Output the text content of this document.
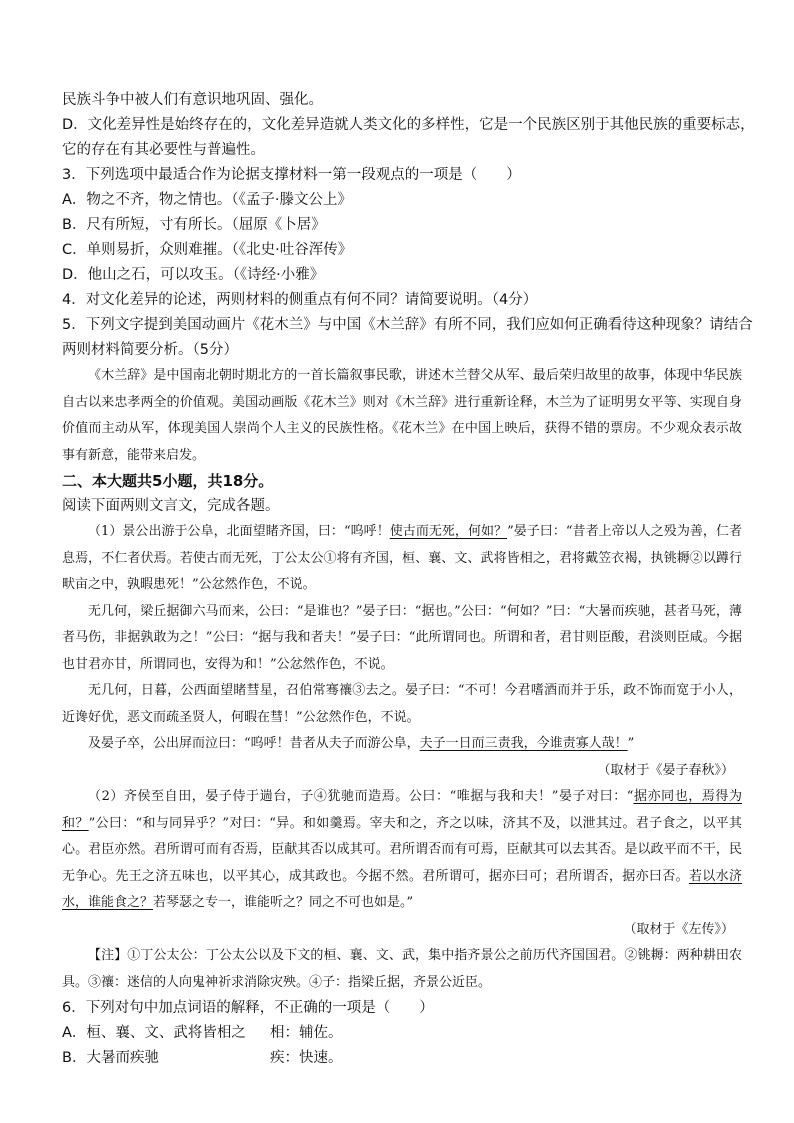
民族斗争中被人们有意识地巩固、强化。
D．文化差异性是始终存在的，文化差异造就人类文化的多样性，它是一个民族区别于其他民族的重要标志，
它的存在有其必要性与普遍性。
3．下列选项中最适合作为论据支撑材料一第一段观点的一项是（　　）
A．物之不齐，物之情也。（《孟子·滕文公上》
B．尺有所短，寸有所长。（屈原《卜居》
C．单则易折，众则难摧。（《北史·吐谷浑传》
D．他山之石，可以攻玉。（《诗经·小雅》
4．对文化差异的论述，两则材料的侧重点有何不同？请简要说明。（4分）
5．下列文字提到美国动画片《花木兰》与中国《木兰辞》有所不同，我们应如何正确看待这种现象？请结合
两则材料简要分析。（5分）
《木兰辞》是中国南北朝时期北方的一首长篇叙事民歌，讲述木兰替父从军、最后荣归故里的故事，体现中华民族自古以来忠孝两全的价值观。美国动画版《花木兰》则对《木兰辞》进行重新诠释，木兰为了证明男女平等、实现自身价值而主动从军，体现美国人崇尚个人主义的民族性格。《花木兰》在中国上映后，获得不错的票房。不少观众表示故事有新意，能带来启发。
二、本大题共5小题，共18分。
阅读下面两则文言文，完成各题。
（1）景公出游于公阜，北面望睹齐国，曰：“呜呼！使古而无死，何如？”晏子曰：“昔者上帝以人之殁为善，仁者息焉，不仁者伏焉。若使古而无死，丁公太公①将有齐国，桓、襄、文、武将皆相之，君将戴笠衣褐，执铫耨②以蹲行畎亩之中，孰暇患死！”公忿然作色，不说。
无几何，梁丘据御六马而来，公曰：“是谁也？”晏子曰：“据也。”公曰：“何如？”曰：“大暑而疾驰，甚者马死，薄者马伤，非据孰敢为之！”公曰：“据与我和者夫！”晏子曰：“此所谓同也。所谓和者，君甘则臣酸，君淡则臣咸。今据也甘君亦甘，所谓同也，安得为和！”公忿然作色，不说。
无几何，日暮，公西面望睹彗星，召伯常骞禳③去之。晏子曰：“不可！今君嗜酒而并于乐，政不饰而宽于小人，近谗好优，恶文而疏圣贤人，何暇在彗！”公忿然作色，不说。
及晏子卒，公出屏而泣曰：“呜呼！昔者从夫子而游公阜，夫子一日而三责我，今谁责寡人哉！”
（取材于《晏子春秋》）
（2）齐侯至自田，晏子侍于遄台，子④犹驰而造焉。公曰：“唯据与我和夫！”晏子对曰：“据亦同也，焉得为和？”公曰：“和与同异乎？”对曰：“异。和如羹焉。宰夫和之，齐之以味，济其不及，以泄其过。君子食之，以平其心。君臣亦然。君所谓可而有否焉，臣献其否以成其可。君所谓否而有可焉，臣献其可以去其否。是以政平而不干，民无争心。先王之济五味也，以平其心，成其政也。今据不然。君所谓可，据亦曰可；君所谓否，据亦曰否。若以水济水，谁能食之？若琴瑟之专一，谁能听之？同之不可也如是。”
（取材于《左传》）
【注】①丁公太公：丁公太公以及下文的桓、襄、文、武，集中指齐景公之前历代齐国国君。②铫耨：两种耕田农具。③禳：迷信的人向鬼神祈求消除灾殃。④子：指梁丘据，齐景公近臣。
6．下列对句中加点词语的解释，不正确的一项是（　　）
A．桓、襄、文、武将皆相之	相：辅佐。
B．大暑而疾驰	疾：快速。
